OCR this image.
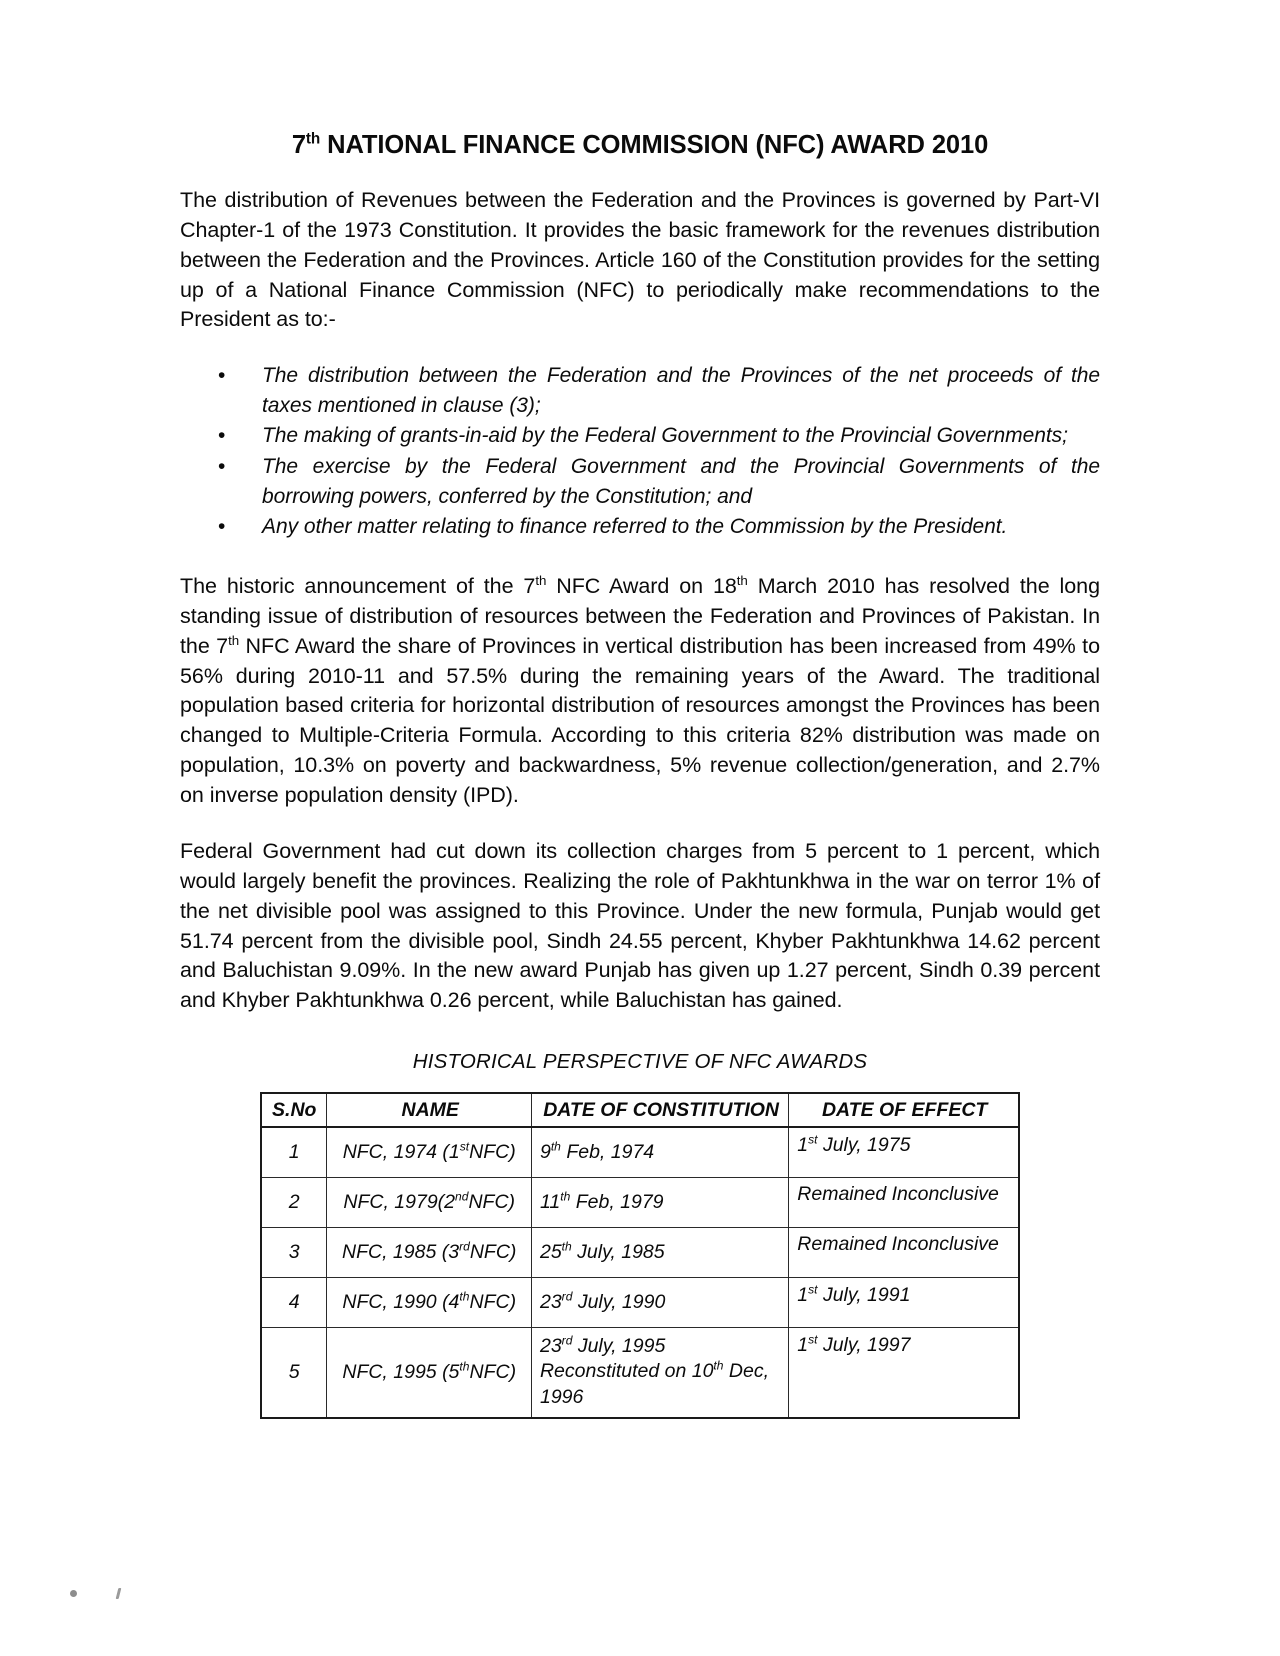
7th NATIONAL FINANCE COMMISSION (NFC) AWARD 2010

The distribution of Revenues between the Federation and the Provinces is governed by Part-VI Chapter-1 of the 1973 Constitution. It provides the basic framework for the revenues distribution between the Federation and the Provinces. Article 160 of the Constitution provides for the setting up of a National Finance Commission (NFC) to periodically make recommendations to the President as to:-

• The distribution between the Federation and the Provinces of the net proceeds of the taxes mentioned in clause (3);
• The making of grants-in-aid by the Federal Government to the Provincial Governments;
• The exercise by the Federal Government and the Provincial Governments of the borrowing powers, conferred by the Constitution; and
• Any other matter relating to finance referred to the Commission by the President.

The historic announcement of the 7th NFC Award on 18th March 2010 has resolved the long standing issue of distribution of resources between the Federation and Provinces of Pakistan. In the 7th NFC Award the share of Provinces in vertical distribution has been increased from 49% to 56% during 2010-11 and 57.5% during the remaining years of the Award. The traditional population based criteria for horizontal distribution of resources amongst the Provinces has been changed to Multiple-Criteria Formula. According to this criteria 82% distribution was made on population, 10.3% on poverty and backwardness, 5% revenue collection/generation, and 2.7% on inverse population density (IPD).

Federal Government had cut down its collection charges from 5 percent to 1 percent, which would largely benefit the provinces. Realizing the role of Pakhtunkhwa in the war on terror 1% of the net divisible pool was assigned to this Province. Under the new formula, Punjab would get 51.74 percent from the divisible pool, Sindh 24.55 percent, Khyber Pakhtunkhwa 14.62 percent and Baluchistan 9.09%. In the new award Punjab has given up 1.27 percent, Sindh 0.39 percent and Khyber Pakhtunkhwa 0.26 percent, while Baluchistan has gained.

HISTORICAL PERSPECTIVE OF NFC AWARDS
S.No	NAME	DATE OF CONSTITUTION	DATE OF EFFECT
1	NFC, 1974 (1stNFC)	9th Feb, 1974	1st July, 1975
2	NFC, 1979(2ndNFC)	11th Feb, 1979	Remained Inconclusive
3	NFC, 1985 (3rdNFC)	25th July, 1985	Remained Inconclusive
4	NFC, 1990 (4thNFC)	23rd July, 1990	1st July, 1991
5	NFC, 1995 (5thNFC)	23rd July, 1995 Reconstituted on 10th Dec, 1996	1st July, 1997
